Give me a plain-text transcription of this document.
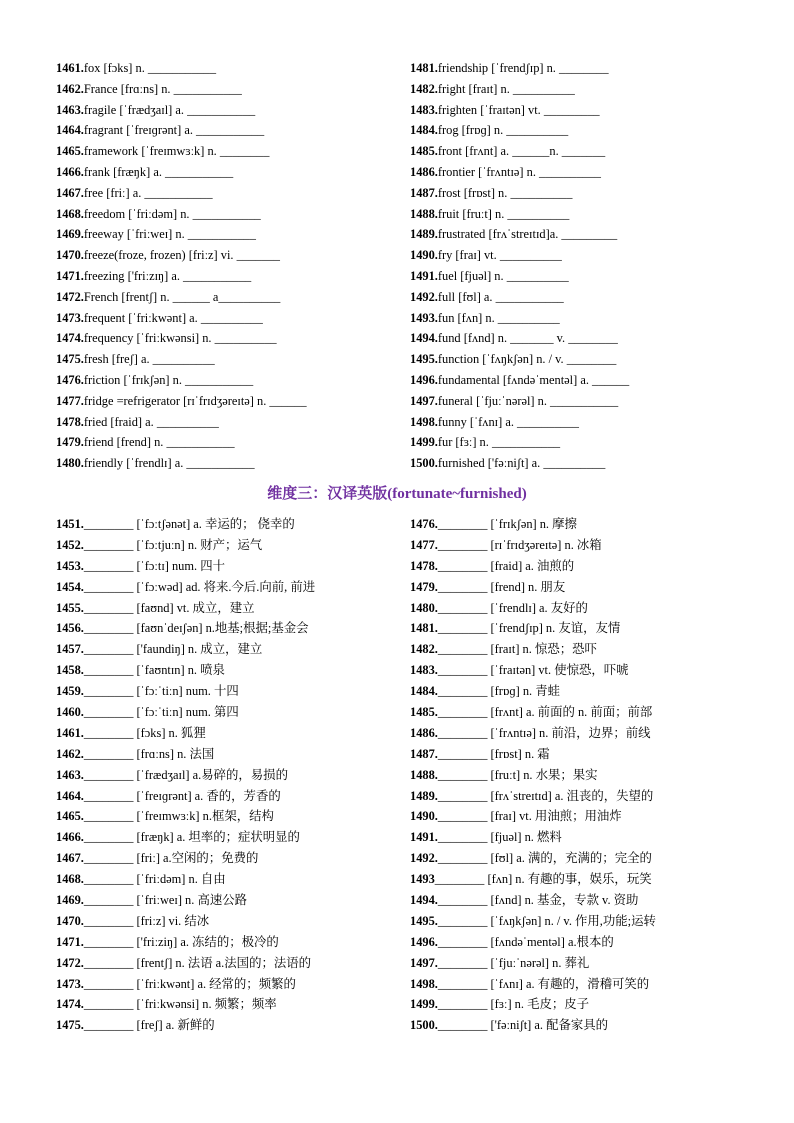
1461.fox [fɔks] n. ___________
1462.France [frɑːns] n. ___________
1463.fragile [ˈfrædʒaɪl] a. ___________
1464.fragrant [ˈfreɪɡrənt] a. ___________
1465.framework [ˈfreɪmwɜːk] n. ________
1466.frank [fræŋk] a. ___________
1467.free [friː] a. ___________
1468.freedom [ˈfriːdəm] n. ___________
1469.freeway [ˈfriːweɪ] n. ___________
1470.freeze(froze, frozen) [friːz] vi. _______
1471.freezing ['friːzɪŋ] a. ___________
1472.French [frentʃ] n. ______ a__________
1473.frequent [ˈfriːkwənt] a. __________
1474.frequency [ˈfriːkwənsi] n. __________
1475.fresh [freʃ] a. __________
1476.friction [ˈfrɪkʃən] n. ___________
1477.fridge =refrigerator [rɪˈfrɪdʒəreɪtə] n. ______
1478.fried [fraid] a. __________
1479.friend [frend] n. ___________
1480.friendly [ˈfrendlɪ] a. ___________
1481.friendship [ˈfrendʃɪp] n. ________
1482.fright [fraɪt] n. __________
1483.frighten [ˈfraɪtən] vt. _________
1484.frog [frɒɡ] n. __________
1485.front [frʌnt] a. ______n. _______
1486.frontier [ˈfrʌntɪə] n. __________
1487.frost [frɒst] n. __________
1488.fruit [fruːt] n. __________
1489.frustrated [frʌˈstreɪtɪd]a. _________
1490.fry [fraɪ] vt. __________
1491.fuel [fjuəl] n. __________
1492.full [fʊl] a. ___________
1493.fun [fʌn] n. __________
1494.fund [fʌnd] n. _______ v. ________
1495.function [ˈfʌŋkʃən] n. / v. ________
1496.fundamental [fʌndəˈmentəl] a. ______
1497.funeral [ˈfjuːˈnərəl] n. ___________
1498.funny [ˈfʌnɪ] a. __________
1499.fur [fɜː] n. ___________
1500.furnished ['fəːniʃt] a. __________
维度三：汉译英版(fortunate~furnished)
1451.________ [ˈfɔːtʃənət] a. 幸运的； 侥幸的
1452.________ [ˈfɔːtjuːn] n. 财产；运气
1453.________ [ˈfɔːtɪ] num. 四十
1454.________ [ˈfɔːwəd] ad. 将来.今后.向前, 前进
1455.________ [faʊnd] vt. 成立，建立
1456.________ [faʊnˈdeɪʃən] n.地基;根据;基金会
1457.________ ['faundiŋ] n. 成立，建立
1458.________ [ˈfaʊntɪn] n. 喷泉
1459.________ [ˈfɔːˈtiːn] num. 十四
1460.________ [ˈfɔːˈtiːn] num. 第四
1461.________ [fɔks] n. 狐狸
1462.________ [frɑːns] n. 法国
1463.________ [ˈfrædʒaɪl] a.易碎的，易损的
1464.________ [ˈfreɪɡrənt] a. 香的，芳香的
1465.________ [ˈfreɪmwɜːk] n.框架，结构
1466.________ [fræŋk] a. 坦率的；症状明显的
1467.________ [friː] a.空闲的；免费的
1468.________ [ˈfriːdəm] n. 自由
1469.________ [ˈfriːweɪ] n. 高速公路
1470.________ [friːz] vi. 结冰
1471.________ ['friːziŋ] a. 冻结的；极冷的
1472.________ [frentʃ] n. 法语 a.法国的；法语的
1473.________ [ˈfriːkwənt] a. 经常的；频繁的
1474.________ [ˈfriːkwənsi] n. 频繁；频率
1475.________ [freʃ] a. 新鲜的
1476.________ [ˈfrɪkʃən] n. 摩擦
1477.________ [rɪˈfrɪdʒəreɪtə] n. 冰箱
1478.________ [fraid] a. 油煎的
1479.________ [frend] n. 朋友
1480.________ [ˈfrendlɪ] a. 友好的
1481.________ [ˈfrendʃɪp] n. 友谊，友情
1482.________ [fraɪt] n. 惊恐；恐吓
1483.________ [ˈfraɪtən] vt. 使惊恐，吓唬
1484.________ [frɒɡ] n. 青蛙
1485.________ [frʌnt] a. 前面的 n. 前面；前部
1486.________ [ˈfrʌntɪə] n. 前沿，边界；前线
1487.________ [frɒst] n. 霜
1488.________ [fruːt] n. 水果；果实
1489.________ [frʌˈstreɪtɪd] a. 沮丧的，失望的
1490.________ [fraɪ] vt. 用油煎；用油炸
1491.________ [fjuəl] n. 燃料
1492.________ [fʊl] a. 满的，充满的；完全的
1493________ [fʌn] n. 有趣的事，娱乐，玩笑
1494.________ [fʌnd] n. 基金，专款 v. 资助
1495.________ [ˈfʌŋkʃən] n. / v. 作用,功能;运转
1496.________ [fʌndəˈmentəl] a.根本的
1497.________ [ˈfjuːˈnərəl] n. 葬礼
1498.________ [ˈfʌnɪ] a. 有趣的，滑稽可笑的
1499.________ [fɜː] n. 毛皮；皮子
1500.________ ['fəːniʃt] a. 配备家具的
